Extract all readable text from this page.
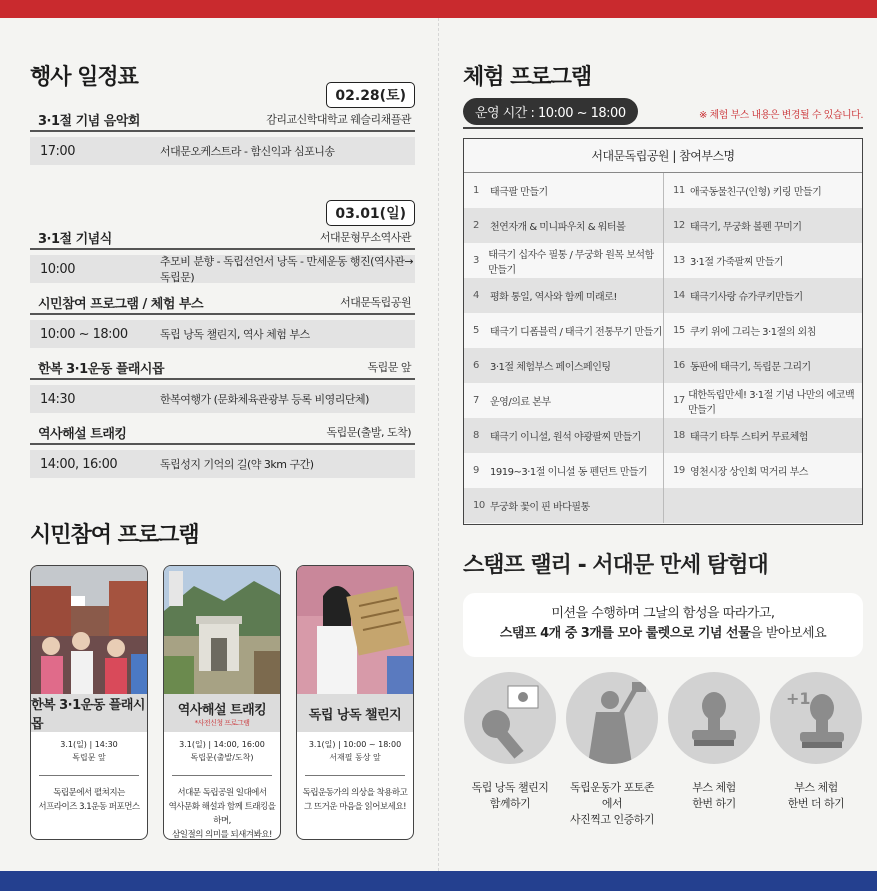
행사 일정표
02.28(토)
3·1절 기념 음악회	감리교신학대학교 웨슬리채플관
17:00	서대문오케스트라 - 함신익과 심포니송
03.01(일)
3·1절 기념식	서대문형무소역사관
10:00	추모비 분향 - 독립선언서 낭독 - 만세운동 행진(역사관→독립문)
시민참여 프로그램 / 체험 부스	서대문독립공원
10:00 ~ 18:00	독립 낭독 챌린지, 역사 체험 부스
한복 3·1운동 플래시몹	독립문 앞
14:30	한복여행가 (문화체육관광부 등록 비영리단체)
역사해설 트래킹	독립문(출발, 도착)
14:00, 16:00	독립성지 기억의 길(약 3km 구간)
시민참여 프로그램
한복 3·1운동 플래시몹
3.1(일) | 14:30
독립문 앞
독립문에서 펼쳐지는
서프라이즈 3.1운동 퍼포먼스
역사해설 트래킹
*사전신청 프로그램
3.1(일) | 14:00, 16:00
독립문(출발/도착)
서대문 독립공원 일대에서
역사문화 해설과 함께 트래킹을 하며,
삼일절의 의미를 되새겨봐요!
독립 낭독 챌린지
3.1(일) | 10:00 ~ 18:00
서재필 동상 앞
독립운동가의 의상을 착용하고
그 뜨거운 마음을 읽어보세요!
체험 프로그램
운영 시간 : 10:00 ~ 18:00	※ 체험 부스 내용은 변경될 수 있습니다.
서대문독립공원 | 참여부스명
1	태극팔 만들기
2	천연자개 & 미니파우치 & 워터볼
3 태극기 십자수 필통 / 무궁화 원목 보석함 만들기
4	평화 통일, 역사와 함께 미래로!
5	태극기 디폼블럭 / 태극기 전통무기 만들기
6	3·1절 체험부스 페이스페인팅
7	운영/의료 본부
8	태극기 이니셜, 원석 야광팔찌 만들기
9	1919~3·1절 이니셜 동 펜던트 만들기
10 무궁화 꽃이 핀 바다필통
11 애국동물친구(인형) 키링 만들기
12 태극기, 무궁화 볼펜 꾸미기
13 3·1절 가죽팔찌 만들기
14 태극기사랑 슈가쿠키만들기
15 쿠키 위에 그리는 3·1절의 외침
16 동판에 태극기, 독립문 그리기
17 대한독립만세! 3·1절 기념 나만의 에코백 만들기
18 태극기 타투 스티커 무료체험
19 영천시장 상인회 먹거리 부스
스탬프 랠리 - 서대문 만세 탐험대
미션을 수행하며 그날의 함성을 따라가고,
스탬프 4개 중 3개를 모아 룰렛으로 기념 선물을 받아보세요
독립 낭독 챌린지
함께하기
독립운동가 포토존에서
사진찍고 인증하기
부스 체험
한번 하기
+1
부스 체험
한번 더 하기
